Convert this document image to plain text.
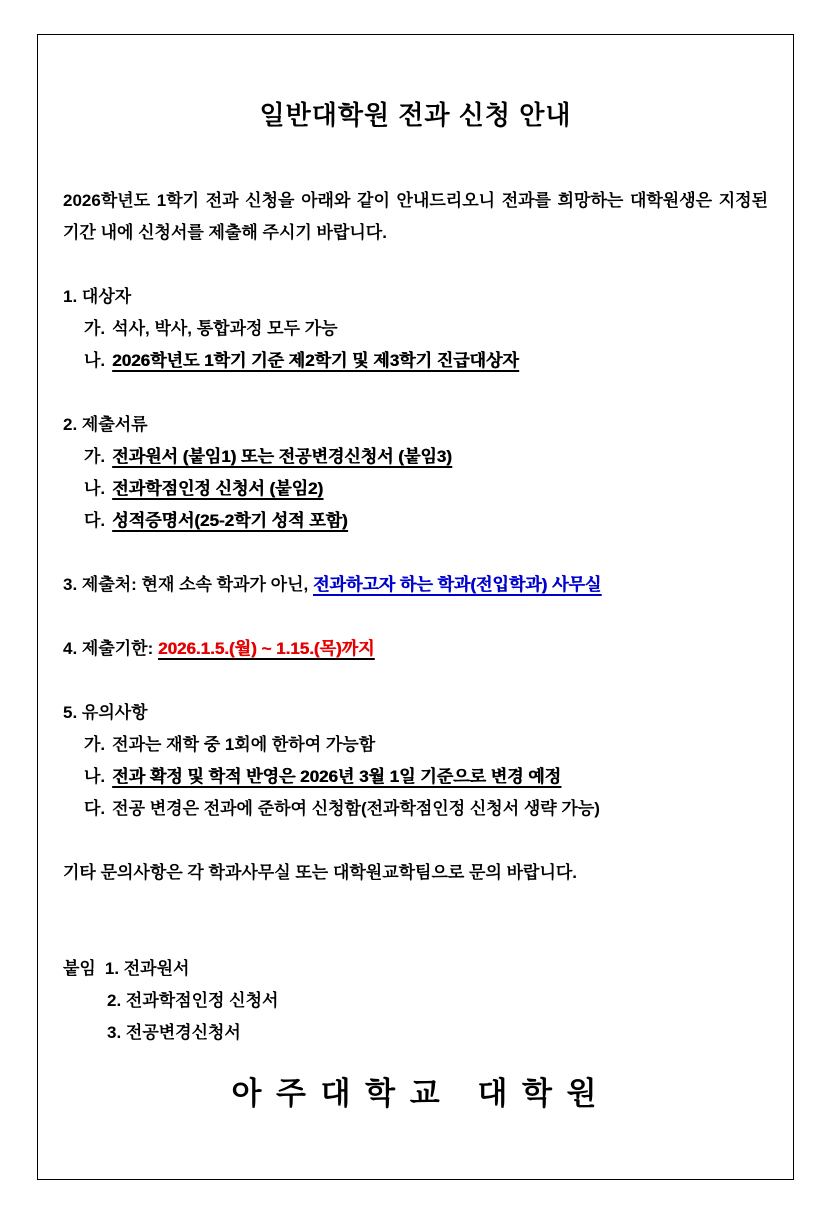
일반대학원 전과 신청 안내

2026학년도 1학기 전과 신청을 아래와 같이 안내드리오니 전과를 희망하는 대학원생은 지정된 기간 내에 신청서를 제출해 주시기 바랍니다.

1. 대상자
가. 석사, 박사, 통합과정 모두 가능
나. 2026학년도 1학기 기준 제2학기 및 제3학기 진급대상자
2. 제출서류
가. 전과원서 (붙임1) 또는 전공변경신청서 (붙임3)
나. 전과학점인정 신청서 (붙임2)
다. 성적증명서(25-2학기 성적 포함)
3. 제출처: 현재 소속 학과가 아닌, 전과하고자 하는 학과(전입학과) 사무실
4. 제출기한: 2026.1.5.(월) ~ 1.15.(목)까지
5. 유의사항
가. 전과는 재학 중 1회에 한하여 가능함
나. 전과 확정 및 학적 반영은 2026년 3월 1일 기준으로 변경 예정
다. 전공 변경은 전과에 준하여 신청함(전과학점인정 신청서 생략 가능)
기타 문의사항은 각 학과사무실 또는 대학원교학팀으로 문의 바랍니다.
붙임 1. 전과원서
2. 전과학점인정 신청서
3. 전공변경신청서
아 주 대 학 교   대 학 원
